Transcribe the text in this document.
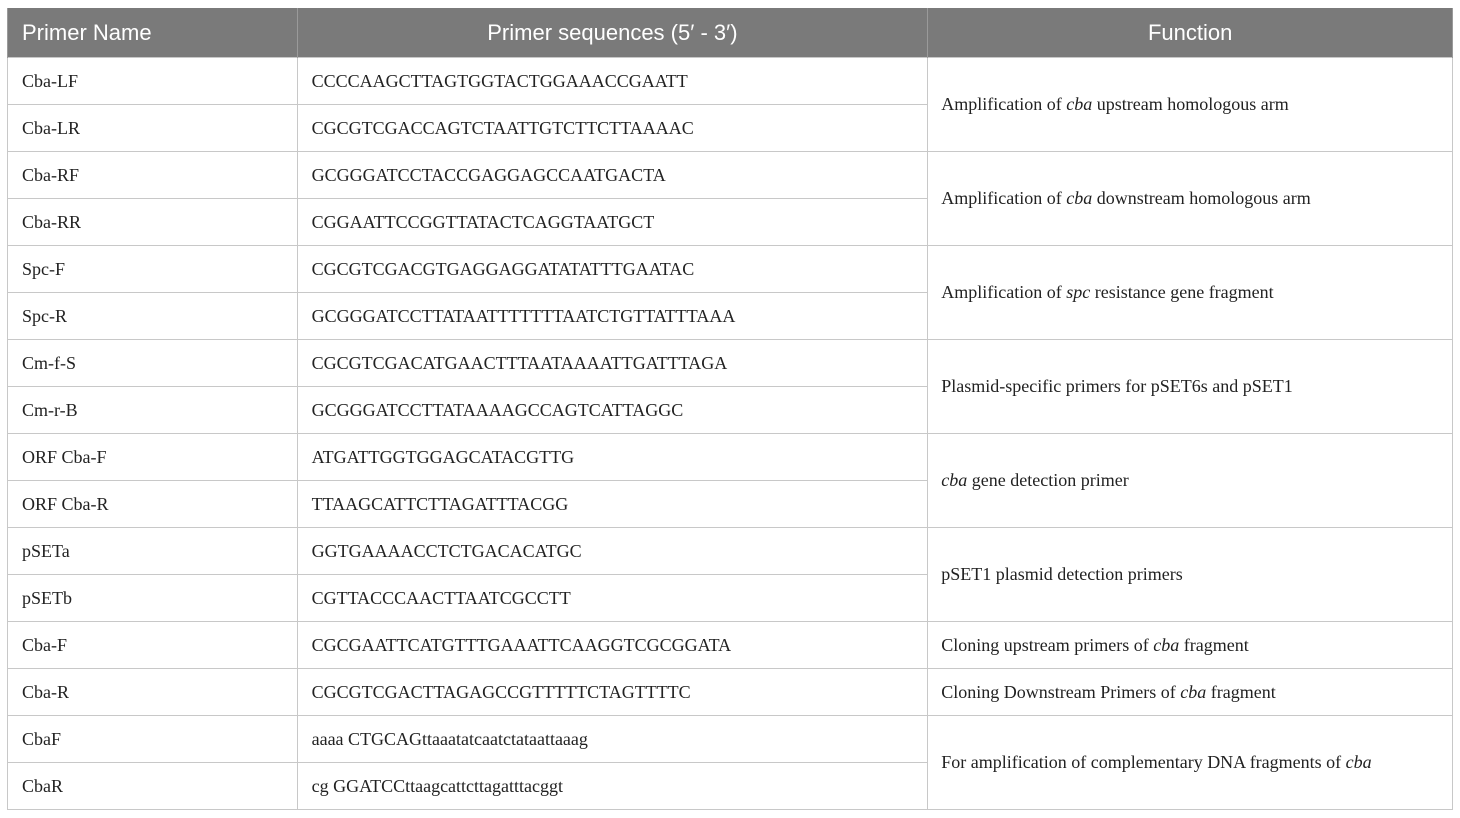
Primer Name	Primer sequences (5′ - 3′)	Function
Cba-LF	CCCCAAGCTTAGTGGTACTGGAAACCGAATT	Amplification of cba upstream homologous arm
Cba-LR	CGCGTCGACCAGTCTAATTGTCTTCTTAAAAC	
Cba-RF	GCGGGATCCTACCGAGGAGCCAATGACTA	Amplification of cba downstream homologous arm
Cba-RR	CGGAATTCCGGTTATACTCAGGTAATGCT	
Spc-F	CGCGTCGACGTGAGGAGGATATATTTGAATAC	Amplification of spc resistance gene fragment
Spc-R	GCGGGATCCTTATAATTTTTTTAATCTGTTATTTAAA	
Cm-f-S	CGCGTCGACATGAACTTTAATAAAATTGATTTAGA	Plasmid-specific primers for pSET6s and pSET1
Cm-r-B	GCGGGATCCTTATAAAAGCCAGTCATTAGGC	
ORF Cba-F	ATGATTGGTGGAGCATACGTTG	cba gene detection primer
ORF Cba-R	TTAAGCATTCTTAGATTTACGG	
pSETa	GGTGAAAACCTCTGACACATGC	pSET1 plasmid detection primers
pSETb	CGTTACCCAACTTAATCGCCTT	
Cba-F	CGCGAATTCATGTTTGAAATTCAAGGTCGCGGATA	Cloning upstream primers of cba fragment
Cba-R	CGCGTCGACTTAGAGCCGTTTTTCTAGTTTTC	Cloning Downstream Primers of cba fragment
CbaF	aaaa CTGCAGttaaatatcaatctataattaaag	For amplification of complementary DNA fragments of cba
CbaR	cg GGATCCttaagcattcttagatttacggt	
